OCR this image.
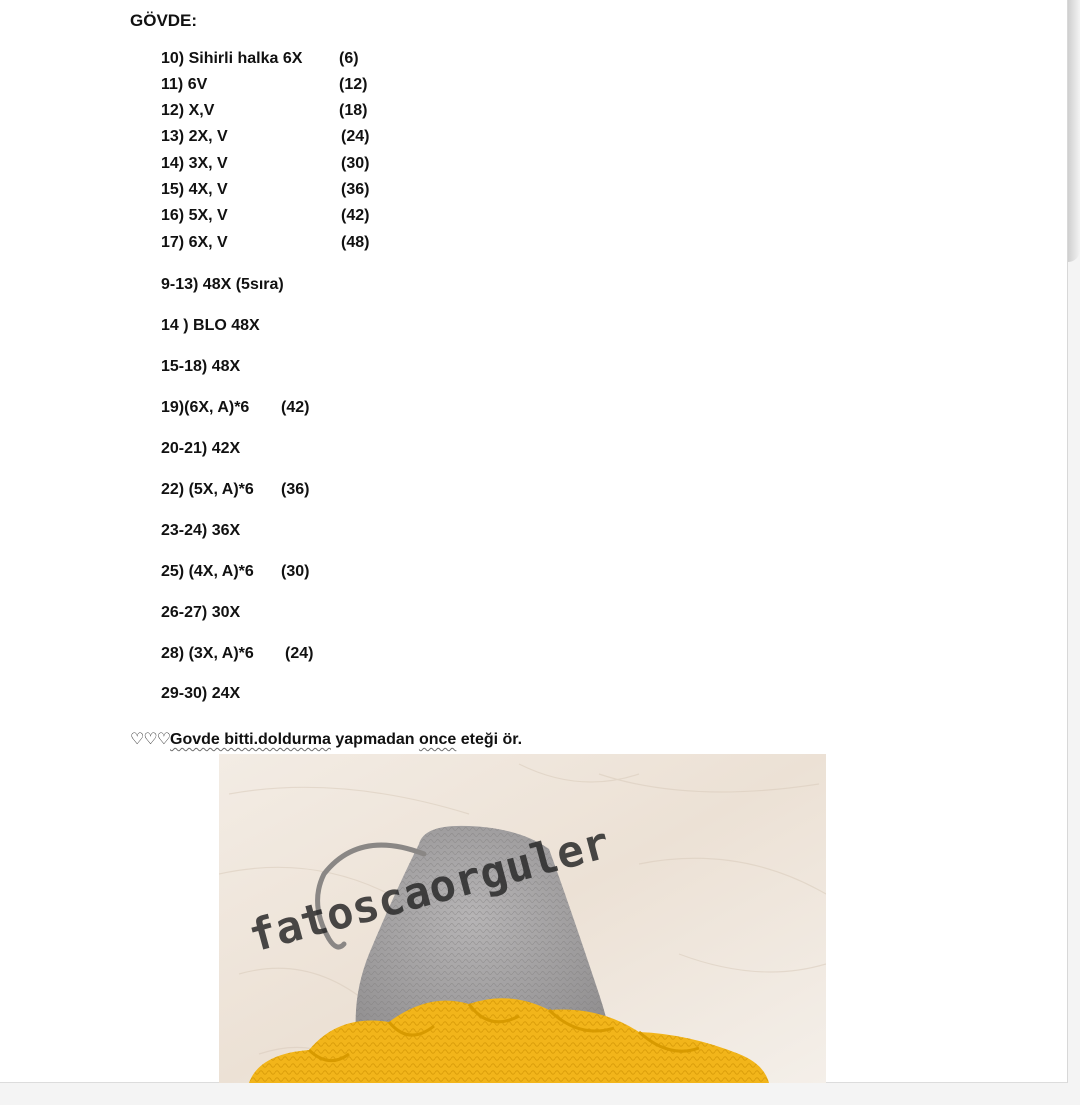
GÖVDE:
10) Sihirli halka 6X (6)
11) 6V	(12)
12) X,V	(18)
13) 2X, V	(24)
14) 3X, V	(30)
15) 4X, V	(36)
16) 5X, V	(42)
17) 6X, V	(48)
9-13) 48X (5sıra)
14 ) BLO 48X
15-18) 48X
19)(6X, A)*6 (42)
20-21) 42X
22) (5X, A)*6 (36)
23-24) 36X
25) (4X, A)*6 (30)
26-27) 30X
28) (3X, A)*6 (24)
29-30) 24X
♡♡♡Govde bitti.doldurma yapmadan once eteği ör.
fatoscaorguler
